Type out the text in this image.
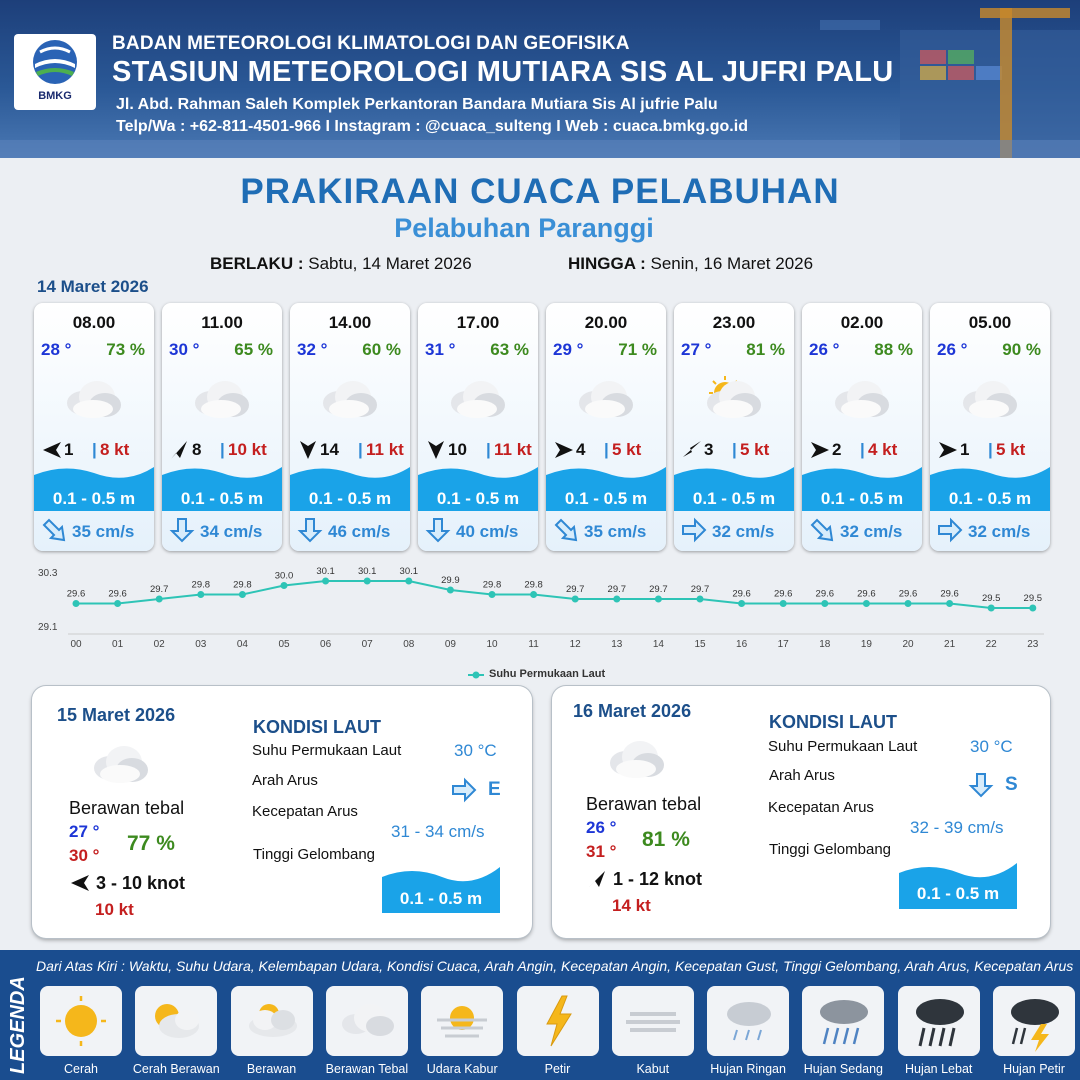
BMKG
BADAN METEOROLOGI KLIMATOLOGI DAN GEOFISIKA
STASIUN METEOROLOGI MUTIARA SIS AL JUFRI PALU
Jl. Abd. Rahman Saleh Komplek Perkantoran Bandara Mutiara Sis Al jufrie Palu
Telp/Wa : +62-811-4501-966 I Instagram : @cuaca_sulteng I Web : cuaca.bmkg.go.id
PRAKIRAAN CUACA PELABUHAN
Pelabuhan Paranggi
BERLAKU : Sabtu, 14 Maret 2026	HINGGA : Senin, 16 Maret 2026
14 Maret 2026
08.00
28 ° 73 %
1 | 8 kt
0.1 - 0.5 m
35 cm/s
11.00
30 ° 65 %
8 | 10 kt
0.1 - 0.5 m
34 cm/s
14.00
32 ° 60 %
14 | 11 kt
0.1 - 0.5 m
46 cm/s
17.00
31 ° 63 %
10 | 11 kt
0.1 - 0.5 m
40 cm/s
20.00
29 ° 71 %
4 | 5 kt
0.1 - 0.5 m
35 cm/s
23.00
27 ° 81 %
3 | 5 kt
0.1 - 0.5 m
32 cm/s
02.00
26 ° 88 %
2 | 4 kt
0.1 - 0.5 m
32 cm/s
05.00
26 ° 90 %
1 | 5 kt
0.1 - 0.5 m
32 cm/s
30.3
29.1
29.6
00
29.6
01
29.7
02
29.8
03
29.8
04
30.0
05
30.1
06
30.1
07
30.1
08
29.9
09
29.8
10
29.8
11
29.7
12
29.7
13
29.7
14
29.7
15
29.6
16
29.6
17
29.6
18
29.6
19
29.6
20
29.6
21
29.5
22
29.5
23
Suhu Permukaan Laut
15 Maret 2026
Berawan tebal
27 °
30 °
77 %
3 - 10 knot
10 kt
KONDISI LAUT
Suhu Permukaan Laut	30 °C
Arah Arus	E
Kecepatan Arus
31 - 34 cm/s
Tinggi Gelombang
0.1 - 0.5 m
16 Maret 2026
Berawan tebal
26 °
31 °
81 %
1 - 12 knot
14 kt
KONDISI LAUT
Suhu Permukaan Laut	30 °C
Arah Arus	S
Kecepatan Arus
32 - 39 cm/s
Tinggi Gelombang
0.1 - 0.5 m
LEGENDA
Dari Atas Kiri : Waktu, Suhu Udara, Kelembapan Udara, Kondisi Cuaca, Arah Angin, Kecepatan Angin, Kecepatan Gust, Tinggi Gelombang, Arah Arus, Kecepatan Arus
Cerah	Cerah Berawan	Berawan	Berawan Tebal	Udara Kabur	Petir	Kabut	Hujan Ringan	Hujan Sedang	Hujan Lebat	Hujan Petir
